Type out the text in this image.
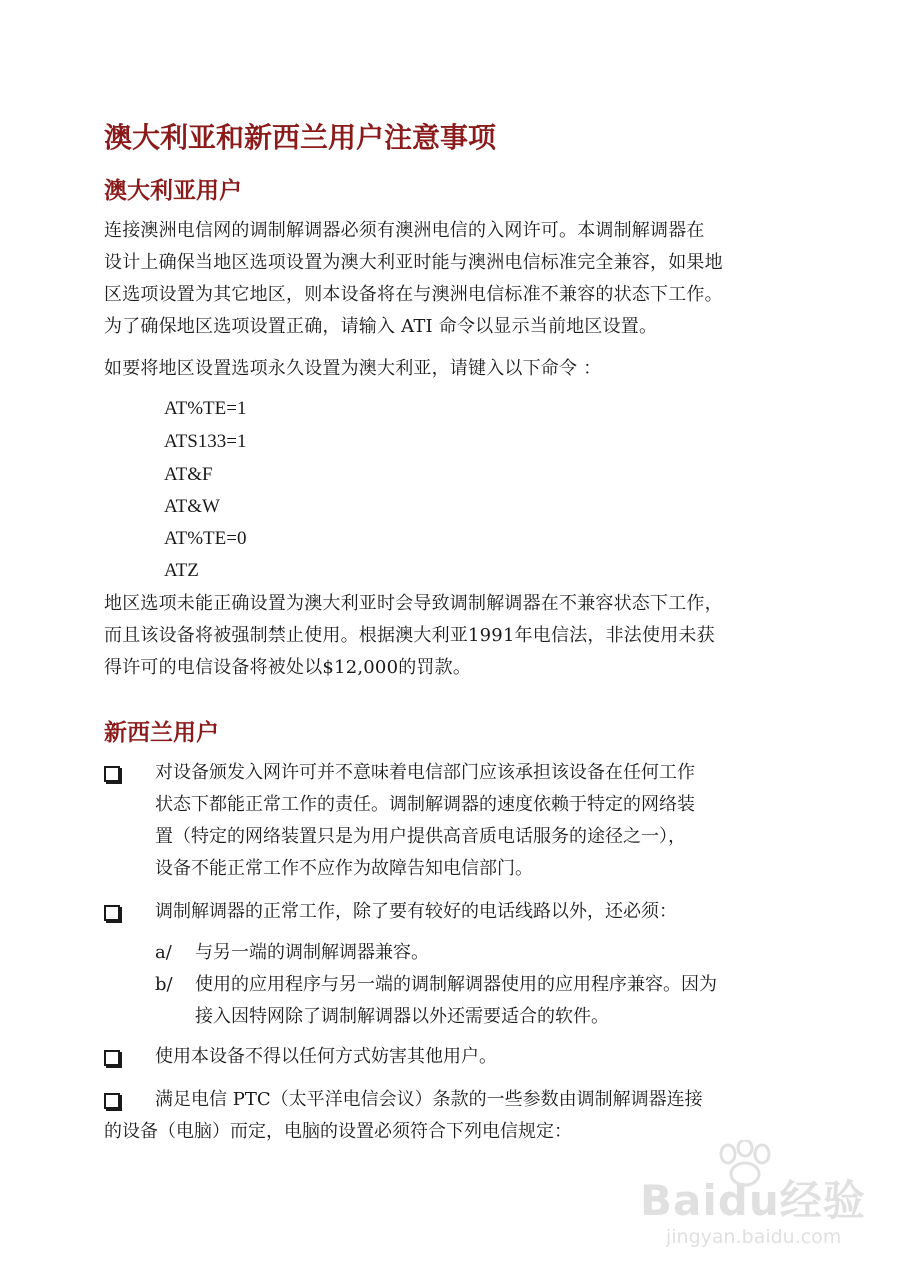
澳大利亚和新西兰用户注意事项
澳大利亚用户
连接澳洲电信网的调制解调器必须有澳洲电信的入网许可。本调制解调器在
设计上确保当地区选项设置为澳大利亚时能与澳洲电信标准完全兼容，如果地
区选项设置为其它地区，则本设备将在与澳洲电信标准不兼容的状态下工作。
为了确保地区选项设置正确，请输入 ATI 命令以显示当前地区设置。
如要将地区设置选项永久设置为澳大利亚，请键入以下命令 ：
AT%TE=1
ATS133=1
AT&F
AT&W
AT%TE=0
ATZ
地区选项未能正确设置为澳大利亚时会导致调制解调器在不兼容状态下工作，
而且该设备将被强制禁止使用。根据澳大利亚1991年电信法，非法使用未获
得许可的电信设备将被处以$12,000的罚款。
新西兰用户
对设备颁发入网许可并不意味着电信部门应该承担该设备在任何工作
状态下都能正常工作的责任。调制解调器的速度依赖于特定的网络装
置（特定的网络装置只是为用户提供高音质电话服务的途径之一），
设备不能正常工作不应作为故障告知电信部门。
调制解调器的正常工作，除了要有较好的电话线路以外，还必须：
a/ 与另一端的调制解调器兼容。
b/ 使用的应用程序与另一端的调制解调器使用的应用程序兼容。因为
接入因特网除了调制解调器以外还需要适合的软件。
使用本设备不得以任何方式妨害其他用户。
满足电信 PTC（太平洋电信会议）条款的一些参数由调制解调器连接
的设备（电脑）而定，电脑的设置必须符合下列电信规定：
Baidu经验
jingyan.baidu.com
